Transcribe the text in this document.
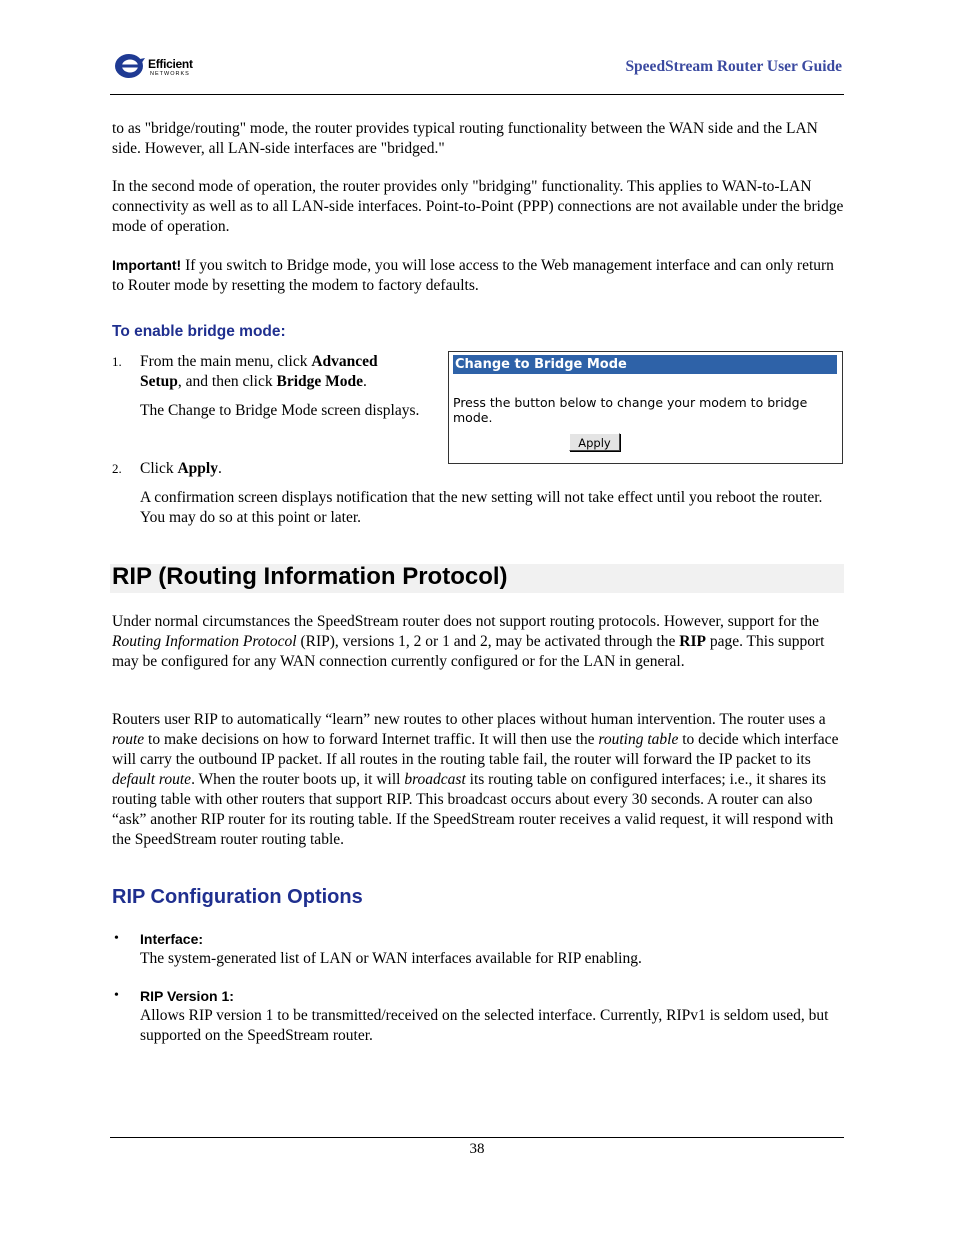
Efficient
NETWORKS	SpeedStream Router User Guide

to as "bridge/routing" mode, the router provides typical routing functionality between the WAN side and the LAN side. However, all LAN-side interfaces are "bridged."

In the second mode of operation, the router provides only "bridging" functionality. This applies to WAN-to-LAN connectivity as well as to all LAN-side interfaces. Point-to-Point (PPP) connections are not available under the bridge mode of operation.

Important! If you switch to Bridge mode, you will lose access to the Web management interface and can only return to Router mode by resetting the modem to factory defaults.

To enable bridge mode:
1. From the main menu, click Advanced Setup, and then click Bridge Mode.

The Change to Bridge Mode screen displays.

2. Click Apply.

A confirmation screen displays notification that the new setting will not take effect until you reboot the router. You may do so at this point or later.

Change to Bridge Mode
Press the button below to change your modem to bridge mode.
Apply
RIP (Routing Information Protocol)

Under normal circumstances the SpeedStream router does not support routing protocols. However, support for the Routing Information Protocol (RIP), versions 1, 2 or 1 and 2, may be activated through the RIP page. This support may be configured for any WAN connection currently configured or for the LAN in general.

Routers user RIP to automatically “learn” new routes to other places without human intervention. The router uses a route to make decisions on how to forward Internet traffic. It will then use the routing table to decide which interface will carry the outbound IP packet. If all routes in the routing table fail, the router will forward the IP packet to its default route. When the router boots up, it will broadcast its routing table on configured interfaces; i.e., it shares its routing table with other routers that support RIP. This broadcast occurs about every 30 seconds. A router can also “ask” another RIP router for its routing table. If the SpeedStream router receives a valid request, it will respond with the SpeedStream router routing table.

RIP Configuration Options
• Interface:

The system-generated list of LAN or WAN interfaces available for RIP enabling.

• RIP Version 1:

Allows RIP version 1 to be transmitted/received on the selected interface. Currently, RIPv1 is seldom used, but supported on the SpeedStream router.

38
